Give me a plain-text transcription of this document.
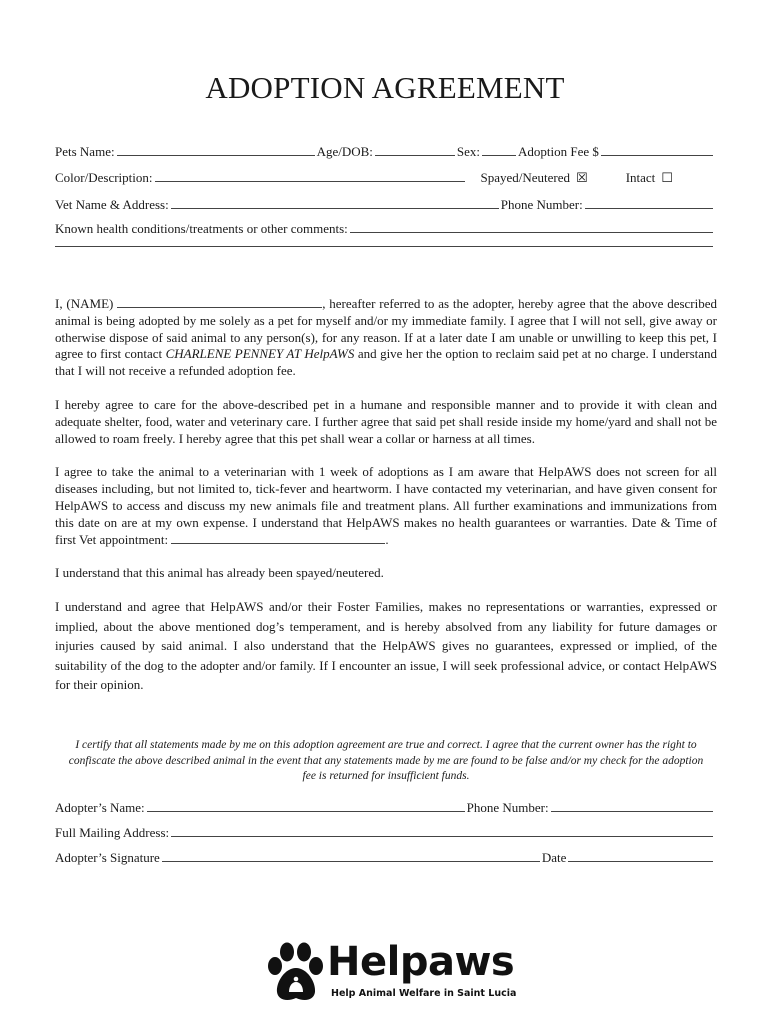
ADOPTION AGREEMENT
Pets Name:	Age/DOB:	Sex:	Adoption Fee $
Color/Description:	Spayed/Neutered ☒	Intact ☐
Vet Name & Address:	Phone Number:
Known health conditions/treatments or other comments:

I, (NAME)	, hereafter referred to as the adopter, hereby agree that the above described animal is being adopted by me solely as a pet for myself and/or my immediate family. I agree that I will not sell, give away or otherwise dispose of said animal to any person(s), for any reason. If at a later date I am unable or unwilling to keep this pet, I agree to first contact CHARLENE PENNEY AT HelpAWS and give her the option to reclaim said pet at no charge. I understand that I will not receive a refunded adoption fee.

I hereby agree to care for the above-described pet in a humane and responsible manner and to provide it with clean and adequate shelter, food, water and veterinary care. I further agree that said pet shall reside inside my home/yard and shall not be allowed to roam freely. I hereby agree that this pet shall wear a collar or harness at all times.

I agree to take the animal to a veterinarian with 1 week of adoptions as I am aware that HelpAWS does not screen for all diseases including, but not limited to, tick-fever and heartworm. I have contacted my veterinarian, and have given consent for HelpAWS to access and discuss my new animals file and treatment plans. All further examinations and immunizations from this date on are at my own expense. I understand that HelpAWS makes no health guarantees or warranties. Date & Time of first Vet appointment:	.

I understand that this animal has already been spayed/neutered.

I understand and agree that HelpAWS and/or their Foster Families, makes no representations or warranties, expressed or implied, about the above mentioned dog’s temperament, and is hereby absolved from any liability for future damages or injuries caused by said animal. I also understand that the HelpAWS gives no guarantees, expressed or implied, of the suitability of the dog to the adopter and/or family. If I encounter an issue, I will seek professional advice, or contact HelpAWS for their opinion.

I certify that all statements made by me on this adoption agreement are true and correct. I agree that the current owner has the right to confiscate the above described animal in the event that any statements made by me are found to be false and/or my check for the adoption fee is returned for insufficient funds.
Adopter’s Name:	Phone Number:
Full Mailing Address:
Adopter’s Signature	Date
Helpaws
Help Animal Welfare in Saint Lucia
